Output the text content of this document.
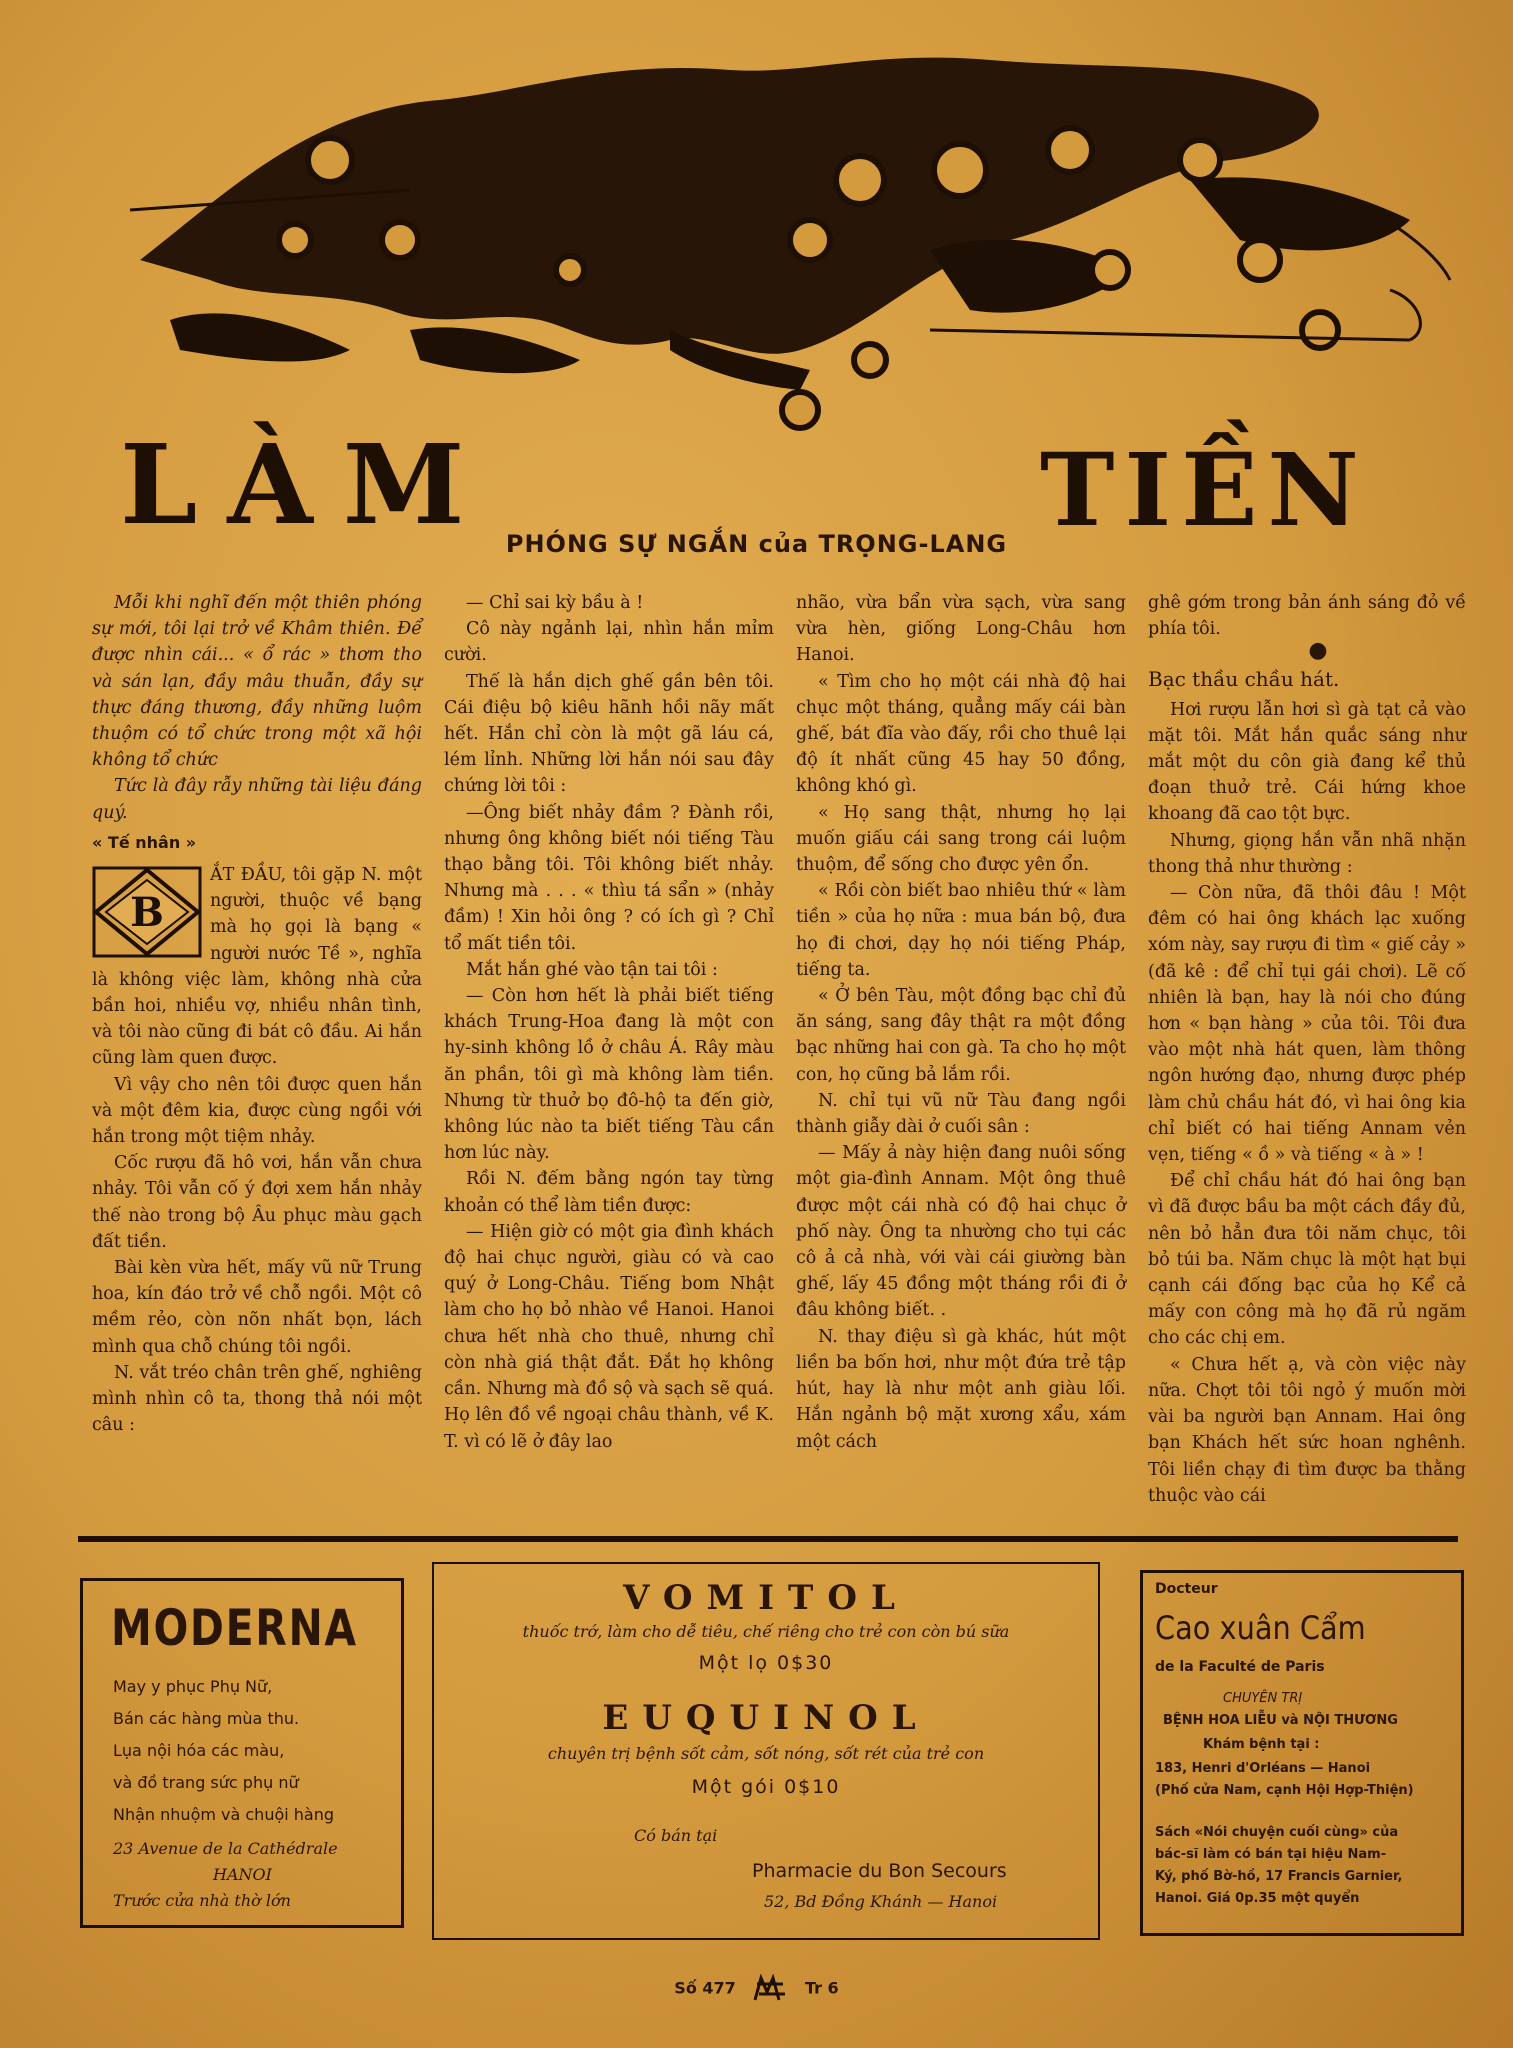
LÀM	TIỀN
PHÓNG SỰ NGẮN của TRỌNG-LANG

Mỗi khi nghĩ đến một thiên phóng sự mới, tôi lại trở về Khâm thiên. Để được nhìn cái... « ổ rác » thơm tho và sán lạn, đầy mâu thuẫn, đầy sự thực đáng thương, đầy những luộm thuộm có tổ chức trong một xã hội không tổ chức

Tức là đây rẫy những tài liệu đáng quý.

« Tế nhân »

B

ẮT ĐẦU, tôi gặp N. một người, thuộc về bạng mà họ gọi là bạng « người nước Tề », nghĩa là không việc làm, không nhà cửa bần hoi, nhiều vợ, nhiều nhân tình, và tôi nào cũng đi bát cô đầu. Ai hắn cũng làm quen được.

Vì vậy cho nên tôi được quen hắn và một đêm kia, được cùng ngồi với hắn trong một tiệm nhảy.

Cốc rượu đã hô vơi, hắn vẫn chưa nhảy. Tôi vẫn cố ý đợi xem hắn nhảy thế nào trong bộ Âu phục màu gạch đất tiền.

Bài kèn vừa hết, mấy vũ nữ Trung hoa, kín đáo trở về chỗ ngồi. Một cô mềm rẻo, còn nõn nhất bọn, lách mình qua chỗ chúng tôi ngồi.

N. vắt tréo chân trên ghế, nghiêng mình nhìn cô ta, thong thả nói một câu :

— Chỉ sai kỳ bầu à !

Cô này ngảnh lại, nhìn hắn mỉm cười.

Thế là hắn dịch ghế gần bên tôi. Cái điệu bộ kiêu hãnh hồi nãy mất hết. Hắn chỉ còn là một gã láu cá, lém lỉnh. Những lời hắn nói sau đây chứng lời tôi :

—Ông biết nhảy đầm ? Đành rồi, nhưng ông không biết nói tiếng Tàu thạo bằng tôi. Tôi không biết nhảy. Nhưng mà . . . « thìu tá sẩn » (nhảy đầm) ! Xin hỏi ông ? có ích gì ? Chỉ tổ mất tiền tôi.

Mắt hắn ghé vào tận tai tôi :

— Còn hơn hết là phải biết tiếng khách Trung-Hoa đang là một con hy-sinh không lồ ở châu Á. Rây màu ăn phần, tôi gì mà không làm tiền. Nhưng từ thuở bọ đô-hộ ta đến giờ, không lúc nào ta biết tiếng Tàu cần hơn lúc này.

Rồi N. đếm bằng ngón tay từng khoản có thể làm tiền được:

— Hiện giờ có một gia đình khách độ hai chục người, giàu có và cao quý ở Long-Châu. Tiếng bom Nhật làm cho họ bỏ nhào về Hanoi. Hanoi chưa hết nhà cho thuê, nhưng chỉ còn nhà giá thật đắt. Đắt họ không cần. Nhưng mà đồ sộ và sạch sẽ quá. Họ lên đồ về ngoại châu thành, về K. T. vì có lẽ ở đây lao

nhão, vừa bẩn vừa sạch, vừa sang vừa hèn, giống Long-Châu hơn Hanoi.

« Tìm cho họ một cái nhà độ hai chục một tháng, quẳng mấy cái bàn ghế, bát đĩa vào đấy, rồi cho thuê lại độ ít nhất cũng 45 hay 50 đồng, không khó gì.

« Họ sang thật, nhưng họ lại muốn giấu cái sang trong cái luộm thuộm, để sống cho được yên ổn.

« Rồi còn biết bao nhiêu thứ « làm tiền » của họ nữa : mua bán bộ, đưa họ đi chơi, dạy họ nói tiếng Pháp, tiếng ta.

« Ở bên Tàu, một đồng bạc chỉ đủ ăn sáng, sang đây thật ra một đồng bạc những hai con gà. Ta cho họ một con, họ cũng bả lắm rồi.

N. chỉ tụi vũ nữ Tàu đang ngồi thành giẫy dài ở cuối sân :

— Mấy ả này hiện đang nuôi sống một gia-đình Annam. Một ông thuê được một cái nhà có độ hai chục ở phố này. Ông ta nhường cho tụi các cô ả cả nhà, với vài cái giường bàn ghế, lấy 45 đồng một tháng rồi đi ở đâu không biết. .

N. thay điệu sì gà khác, hút một liền ba bốn hơi, như một đứa trẻ tập hút, hay là như một anh giàu lối. Hắn ngảnh bộ mặt xương xẩu, xám một cách

ghê gớm trong bản ánh sáng đỏ về phía tôi.

●

Bạc thầu chầu hát.

Hơi rượu lẫn hơi sì gà tạt cả vào mặt tôi. Mắt hắn quắc sáng như mắt một du côn già đang kể thủ đoạn thuở trẻ. Cái hứng khoe khoang đã cao tột bực.

Nhưng, giọng hắn vẫn nhã nhặn thong thả như thường :

— Còn nữa, đã thôi đâu ! Một đêm có hai ông khách lạc xuống xóm này, say rượu đi tìm « giế cảy » (đã kê : để chỉ tụi gái chơi). Lẽ cố nhiên là bạn, hay là nói cho đúng hơn « bạn hàng » của tôi. Tôi đưa vào một nhà hát quen, làm thông ngôn hướng đạo, nhưng được phép làm chủ chầu hát đó, vì hai ông kia chỉ biết có hai tiếng Annam vẻn vẹn, tiếng « ồ » và tiếng « à » !

Để chỉ chầu hát đó hai ông bạn vì đã được bầu ba một cách đầy đủ, nên bỏ hẳn đưa tôi năm chục, tôi bỏ túi ba. Năm chục là một hạt bụi cạnh cái đống bạc của họ Kể cả mấy con công mà họ đã rủ ngăm cho các chị em.

« Chưa hết ạ, và còn việc này nữa. Chợt tôi tôi ngỏ ý muốn mời vài ba người bạn Annam. Hai ông bạn Khách hết sức hoan nghênh. Tôi liền chạy đi tìm được ba thằng thuộc vào cái

MODERNA
May y phục Phụ Nữ,
Bán các hàng mùa thu.
Lụa nội hóa các màu,
và đồ trang sức phụ nữ
Nhận nhuộm và chuội hàng
23 Avenue de la Cathédrale
HANOI
Trước cửa nhà thờ lớn
VOMITOL
thuốc trớ, làm cho dễ tiêu, chế riêng cho trẻ con còn bú sữa
Một lọ 0$30
EUQUINOL
chuyên trị bệnh sốt cảm, sốt nóng, sốt rét của trẻ con
Một gói 0$10
Có bán tại
Pharmacie du Bon Secours
52, Bd Đồng Khánh — Hanoi
Docteur
Cao xuân Cẩm
de la Faculté de Paris
CHUYÊN TRỊ
BỆNH HOA LIỄU và NỘI THƯƠNG
Khám bệnh tại :
183, Henri d'Orléans — Hanoi
(Phố cửa Nam, cạnh Hội Hợp-Thiện)
Sách «Nói chuyện cuối cùng» của
bác-sĩ làm có bán tại hiệu Nam-
Ký, phố Bờ-hồ, 17 Francis Garnier,
Hanoi. Giá 0p.35 một quyển
Số 477	Tr 6
